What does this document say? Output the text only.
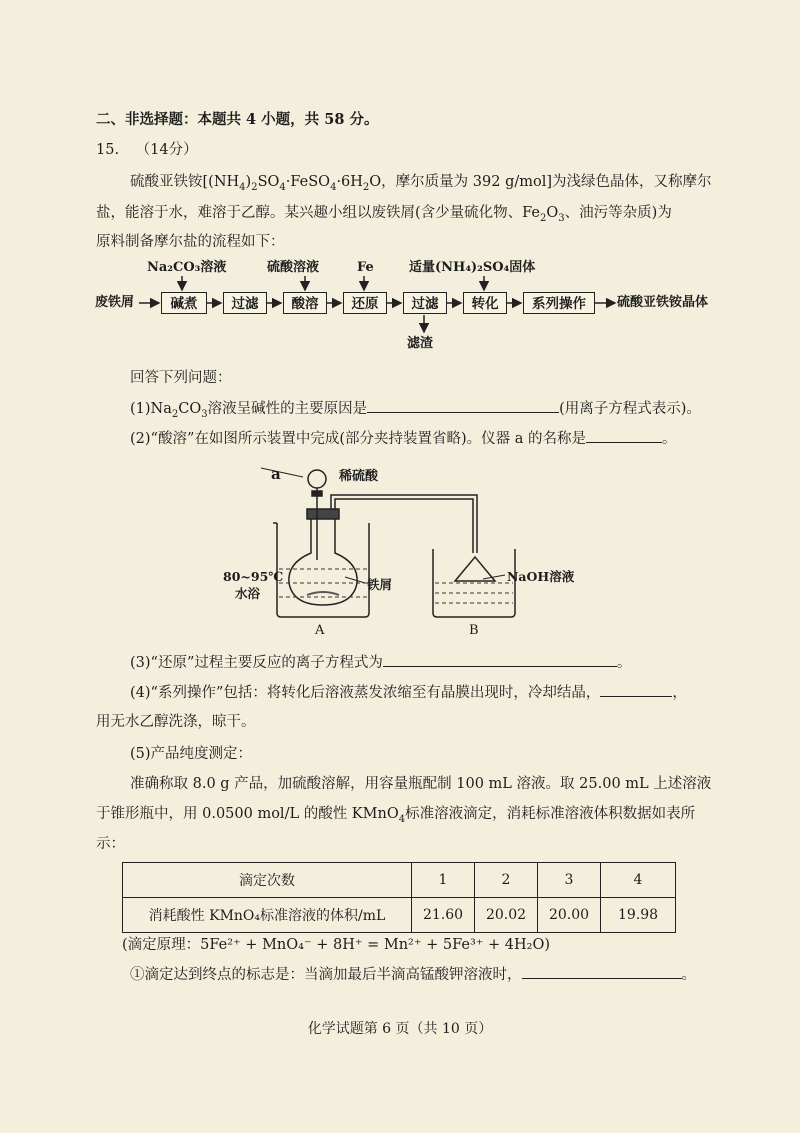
二、非选择题：本题共 4 小题，共 58 分。
15. （14分）
硫酸亚铁铵[$(NH_4)_2SO_4\cdot FeSO_4\cdot 6H_2O$，摩尔质量为 392 g/mol]为浅绿色晶体，又称摩尔
盐，能溶于水，难溶于乙醇。某兴趣小组以废铁屑(含少量硫化物、$Fe_2O_3$、油污等杂质)为
原料制备摩尔盐的流程如下：
废铁屑	碱煮	过滤	酸溶	还原	过滤	转化	系列操作	硫酸亚铁铵晶体
Na₂CO₃溶液	硫酸溶液	Fe	适量(NH₄)₂SO₄固体
滤渣
回答下列问题：
$(1)Na_2CO_3$溶液呈碱性的主要原因是	(用离子方程式表示)。
(2)“酸溶”在如图所示装置中完成(部分夹持装置省略)。仪器 a 的名称是	。
a	稀硫酸
80~95℃
水浴
铁屑
NaOH溶液
A	B
(3)“还原”过程主要反应的离子方程式为	。
(4)“系列操作”包括：将转化后溶液蒸发浓缩至有晶膜出现时，冷却结晶，	，
用无水乙醇洗涤，晾干。
(5)产品纯度测定：
准确称取 8.0 g 产品，加硫酸溶解，用容量瓶配制 100 mL 溶液。取 25.00 mL 上述溶液
于锥形瓶中，用 0.0500 mol/L 的酸性 KMnO$_4$标准溶液滴定，消耗标准溶液体积数据如表所
示：
滴定次数	1	2	3	4
消耗酸性 KMnO₄标准溶液的体积/mL	21.60	20.02	20.00	19.98
(滴定原理：5Fe²⁺ + MnO₄⁻ + 8H⁺ = Mn²⁺ + 5Fe³⁺ + 4H₂O)
①滴定达到终点的标志是：当滴加最后半滴高锰酸钾溶液时，	。
化学试题第 6 页（共 10 页）
